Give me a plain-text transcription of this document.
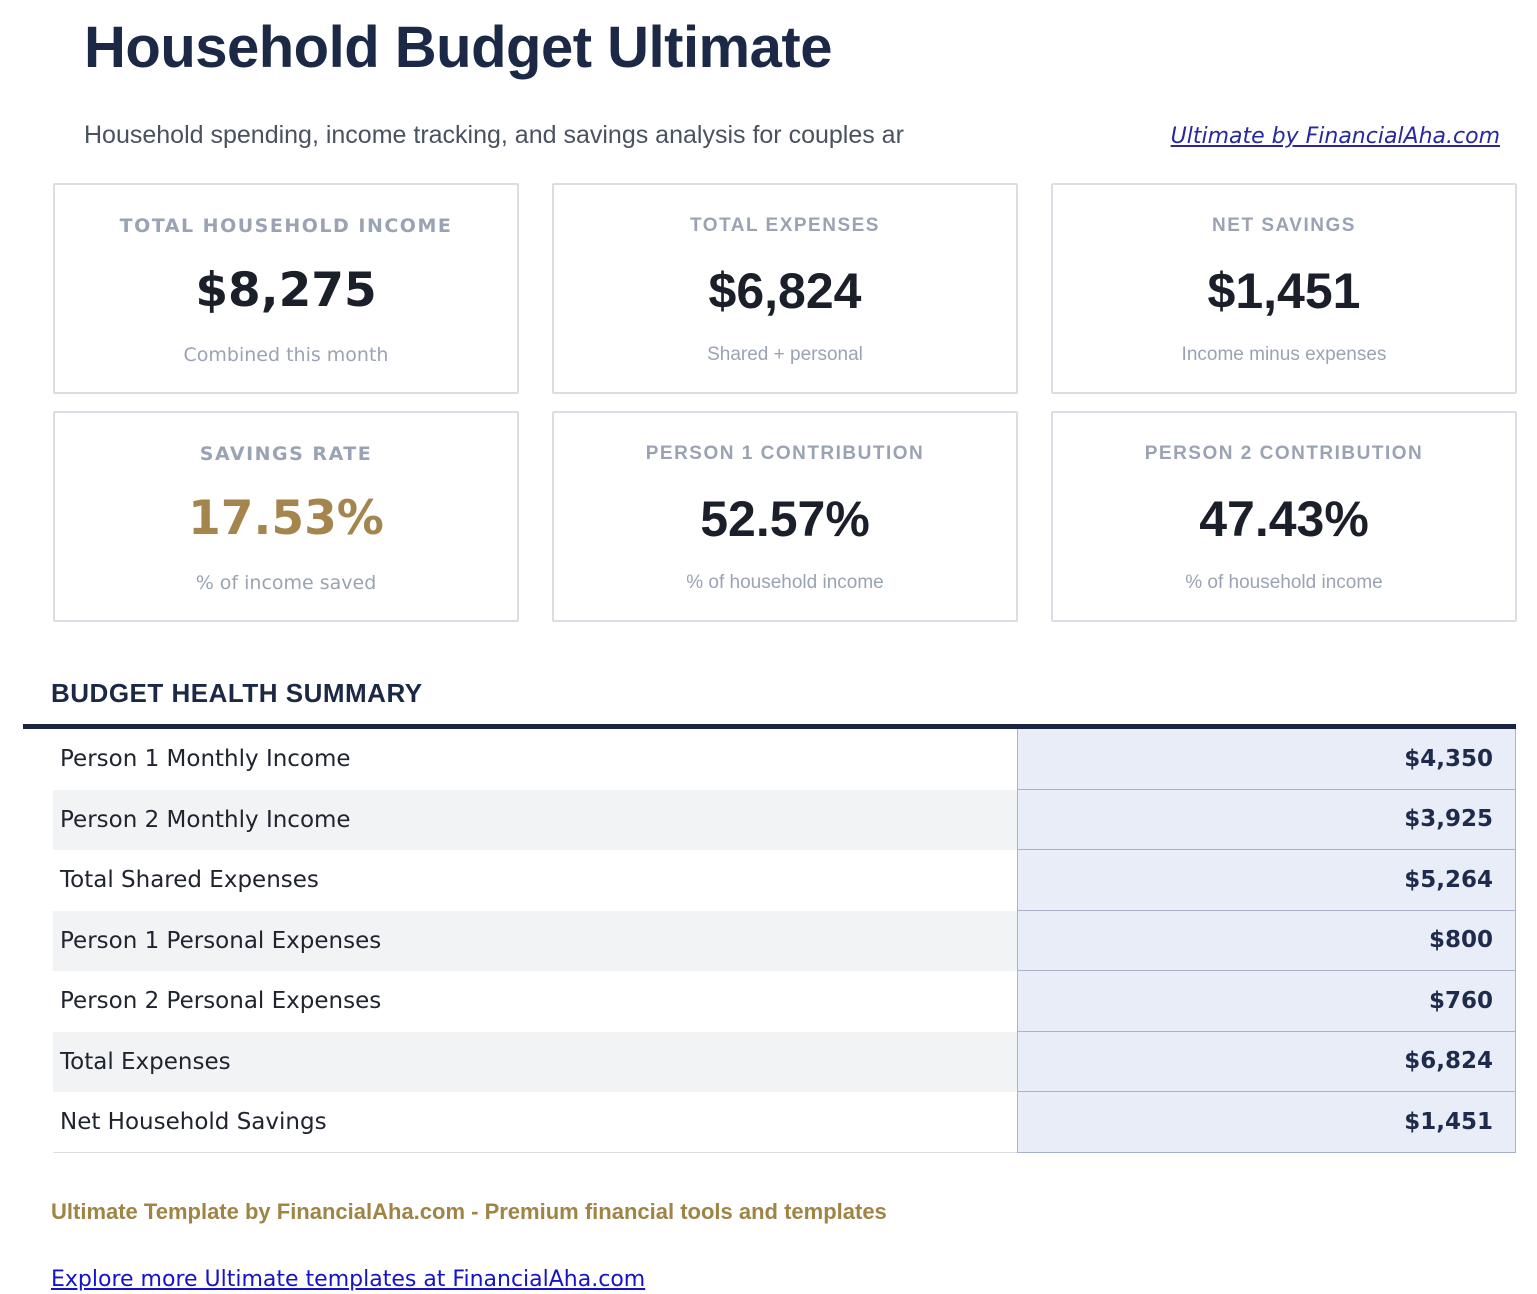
Household Budget Ultimate
Household spending, income tracking, and savings analysis for couples ar	Ultimate by FinancialAha.com
TOTAL HOUSEHOLD INCOME
$8,275
Combined this month
TOTAL EXPENSES
$6,824
Shared + personal
NET SAVINGS
$1,451
Income minus expenses
SAVINGS RATE
17.53%
% of income saved
PERSON 1 CONTRIBUTION
52.57%
% of household income
PERSON 2 CONTRIBUTION
47.43%
% of household income
BUDGET HEALTH SUMMARY
Person 1 Monthly Income	$4,350
Person 2 Monthly Income	$3,925
Total Shared Expenses	$5,264
Person 1 Personal Expenses	$800
Person 2 Personal Expenses	$760
Total Expenses	$6,824
Net Household Savings	$1,451
Ultimate Template by FinancialAha.com - Premium financial tools and templates

Explore more Ultimate templates at FinancialAha.com
